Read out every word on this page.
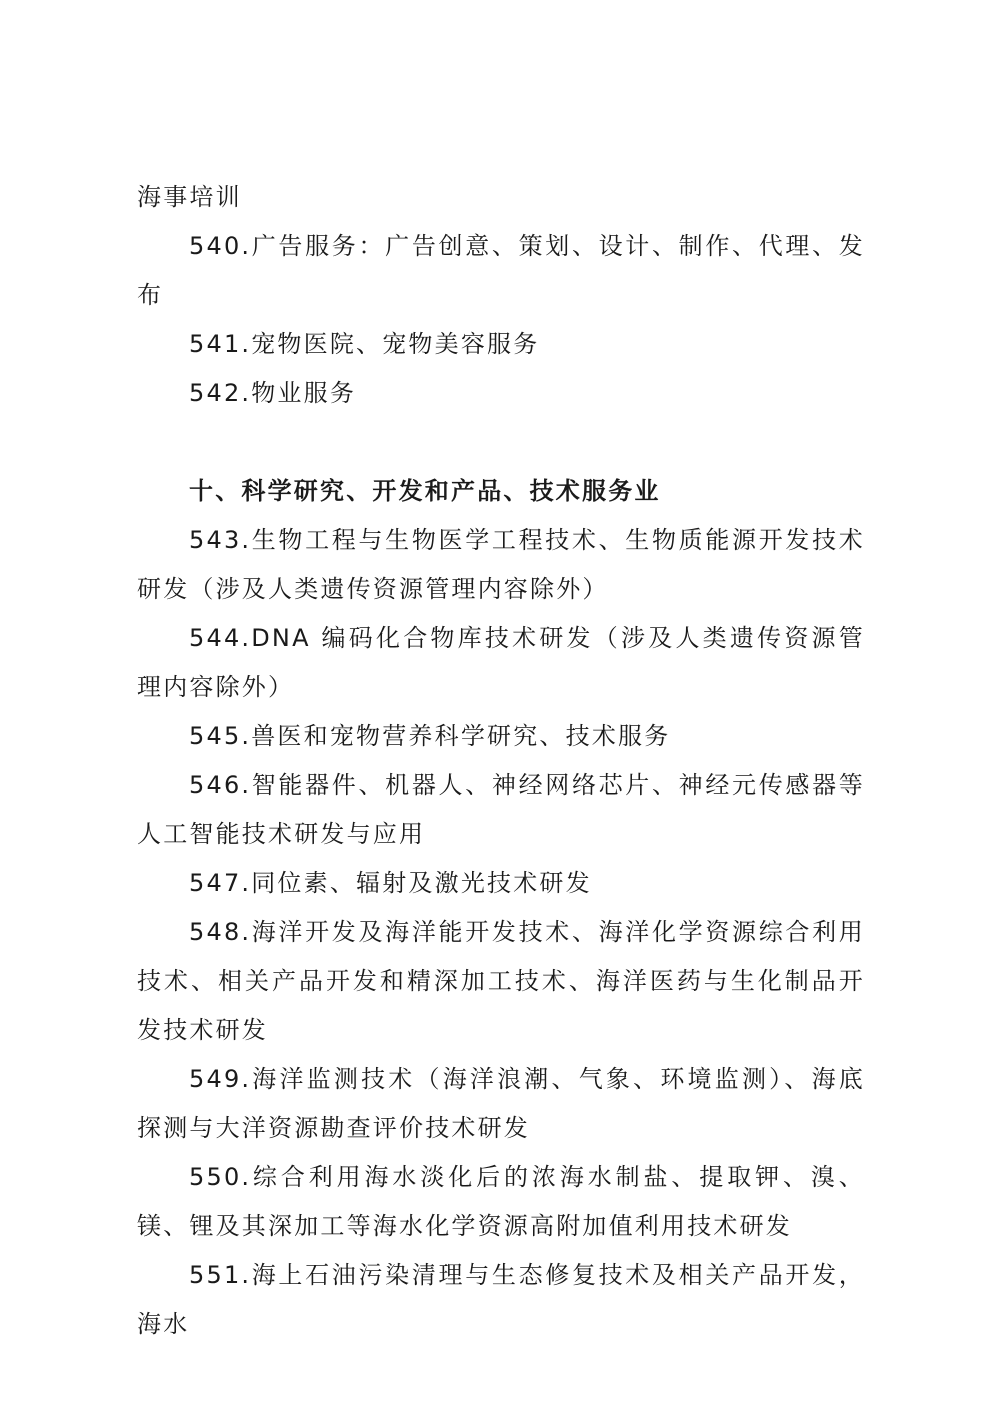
海事培训

540.广告服务：广告创意、策划、设计、制作、代理、发布

541.宠物医院、宠物美容服务

542.物业服务

十、科学研究、开发和产品、技术服务业

543.生物工程与生物医学工程技术、生物质能源开发技术研发（涉及人类遗传资源管理内容除外）

544.DNA 编码化合物库技术研发（涉及人类遗传资源管理内容除外）

545.兽医和宠物营养科学研究、技术服务

546.智能器件、机器人、神经网络芯片、神经元传感器等人工智能技术研发与应用

547.同位素、辐射及激光技术研发

548.海洋开发及海洋能开发技术、海洋化学资源综合利用技术、相关产品开发和精深加工技术、海洋医药与生化制品开发技术研发

549.海洋监测技术（海洋浪潮、气象、环境监测）、海底探测与大洋资源勘查评价技术研发

550.综合利用海水淡化后的浓海水制盐、提取钾、溴、镁、锂及其深加工等海水化学资源高附加值利用技术研发

551.海上石油污染清理与生态修复技术及相关产品开发，海水
